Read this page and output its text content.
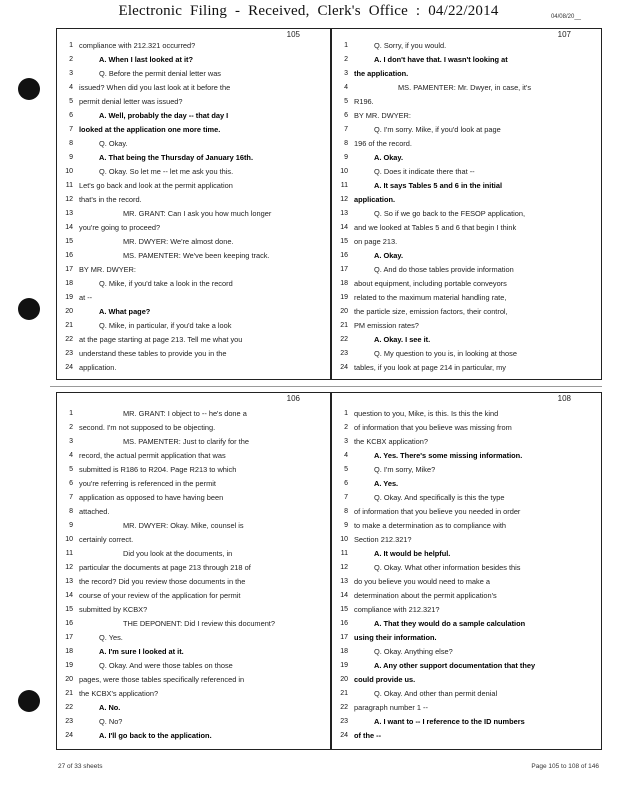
Electronic Filing - Received, Clerk's Office : 04/22/2014	04/08/20__
105
1 compliance with 212.321 occurred?
2	A. When I last looked at it?
3	Q. Before the permit denial letter was
4 issued? When did you last look at it before the
5 permit denial letter was issued?
6	A. Well, probably the day -- that day I
7 looked at the application one more time.
8	Q. Okay.
9	A. That being the Thursday of January 16th.
10	Q. Okay. So let me -- let me ask you this.
11 Let's go back and look at the permit application
12 that's in the record.
13	MR. GRANT: Can I ask you how much longer
14 you're going to proceed?
15	MR. DWYER: We're almost done.
16	MS. PAMENTER: We've been keeping track.
17 BY MR. DWYER:
18	Q. Mike, if you'd take a look in the record
19 at --
20	A. What page?
21	Q. Mike, in particular, if you'd take a look
22 at the page starting at page 213. Tell me what you
23 understand these tables to provide you in the
24 application.
107
1	Q. Sorry, if you would.
2	A. I don't have that. I wasn't looking at
3 the application.
4	MS. PAMENTER: Mr. Dwyer, in case, it's
5 R196.
6 BY MR. DWYER:
7	Q. I'm sorry. Mike, if you'd look at page
8 196 of the record.
9	A. Okay.
10	Q. Does it indicate there that --
11	A. It says Tables 5 and 6 in the initial
12 application.
13	Q. So if we go back to the FESOP application,
14 and we looked at Tables 5 and 6 that begin I think
15 on page 213.
16	A. Okay.
17	Q. And do those tables provide information
18 about equipment, including portable conveyors
19 related to the maximum material handling rate,
20 the particle size, emission factors, their control,
21 PM emission rates?
22	A. Okay. I see it.
23	Q. My question to you is, in looking at those
24 tables, if you look at page 214 in particular, my
106
1	MR. GRANT: I object to -- he's done a
2 second. I'm not supposed to be objecting.
3	MS. PAMENTER: Just to clarify for the
4 record, the actual permit application that was
5 submitted is R186 to R204. Page R213 to which
6 you're referring is referenced in the permit
7 application as opposed to have having been
8 attached.
9	MR. DWYER: Okay. Mike, counsel is
10 certainly correct.
11	Did you look at the documents, in
12 particular the documents at page 213 through 218 of
13 the record? Did you review those documents in the
14 course of your review of the application for permit
15 submitted by KCBX?
16	THE DEPONENT: Did I review this document?
17	Q. Yes.
18	A. I'm sure I looked at it.
19	Q. Okay. And were those tables on those
20 pages, were those tables specifically referenced in
21 the KCBX's application?
22	A. No.
23	Q. No?
24	A. I'll go back to the application.
108
1 question to you, Mike, is this. Is this the kind
2 of information that you believe was missing from
3 the KCBX application?
4	A. Yes. There's some missing information.
5	Q. I'm sorry, Mike?
6	A. Yes.
7	Q. Okay. And specifically is this the type
8 of information that you believe you needed in order
9 to make a determination as to compliance with
10 Section 212.321?
11	A. It would be helpful.
12	Q. Okay. What other information besides this
13 do you believe you would need to make a
14 determination about the permit application's
15 compliance with 212.321?
16	A. That they would do a sample calculation
17 using their information.
18	Q. Okay. Anything else?
19	A. Any other support documentation that they
20 could provide us.
21	Q. Okay. And other than permit denial
22 paragraph number 1 --
23	A. I want to -- I reference to the ID numbers
24 of the --
27 of 33 sheets	Page 105 to 108 of 146
